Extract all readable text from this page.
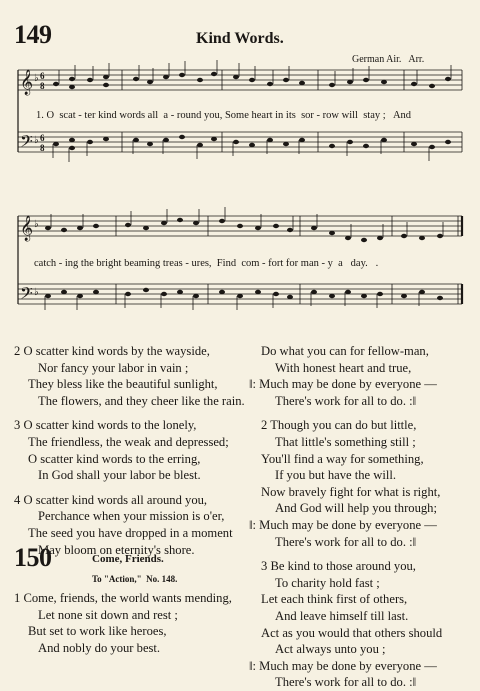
149	Kind Words.
German Air.   Arr.
𝄞
𝄢
♭
♭
6
8
6
8
1. O  scat - ter kind words all  a - round you, Some heart in its  sor - row will  stay ;   And
𝄞
𝄢
♭
♭
catch - ing the bright beaming treas - ures,  Find  com - fort for man - y  a   day.   .
2 O scatter kind words by the wayside,
Nor fancy your labor in vain ;
They bless like the beautiful sunlight,
The flowers, and they cheer like the rain.
3 O scatter kind words to the lonely,
The friendless, the weak and depressed;
O scatter kind words to the erring,
In God shall your labor be blest.
4 O scatter kind words all around you,
Perchance when your mission is o'er,
The seed you have dropped in a moment
May bloom on eternity's shore.
Do what you can for fellow-man,
With honest heart and true,
‖: Much may be done by everyone —
There's work for all to do. :‖
2 Though you can do but little,
That little's something still ;
You'll find a way for something,
If you but have the will.
Now bravely fight for what is right,
And God will help you through;
‖: Much may be done by everyone —
There's work for all to do. :‖
3 Be kind to those around you,
To charity hold fast ;
Let each think first of others,
And leave himself till last.
Act as you would that others should
Act always unto you ;
‖: Much may be done by everyone —
There's work for all to do. :‖
150	Come, Friends.
To "Action,"  No. 148.
1 Come, friends, the world wants mending,
Let none sit down and rest ;
But set to work like heroes,
And nobly do your best.
